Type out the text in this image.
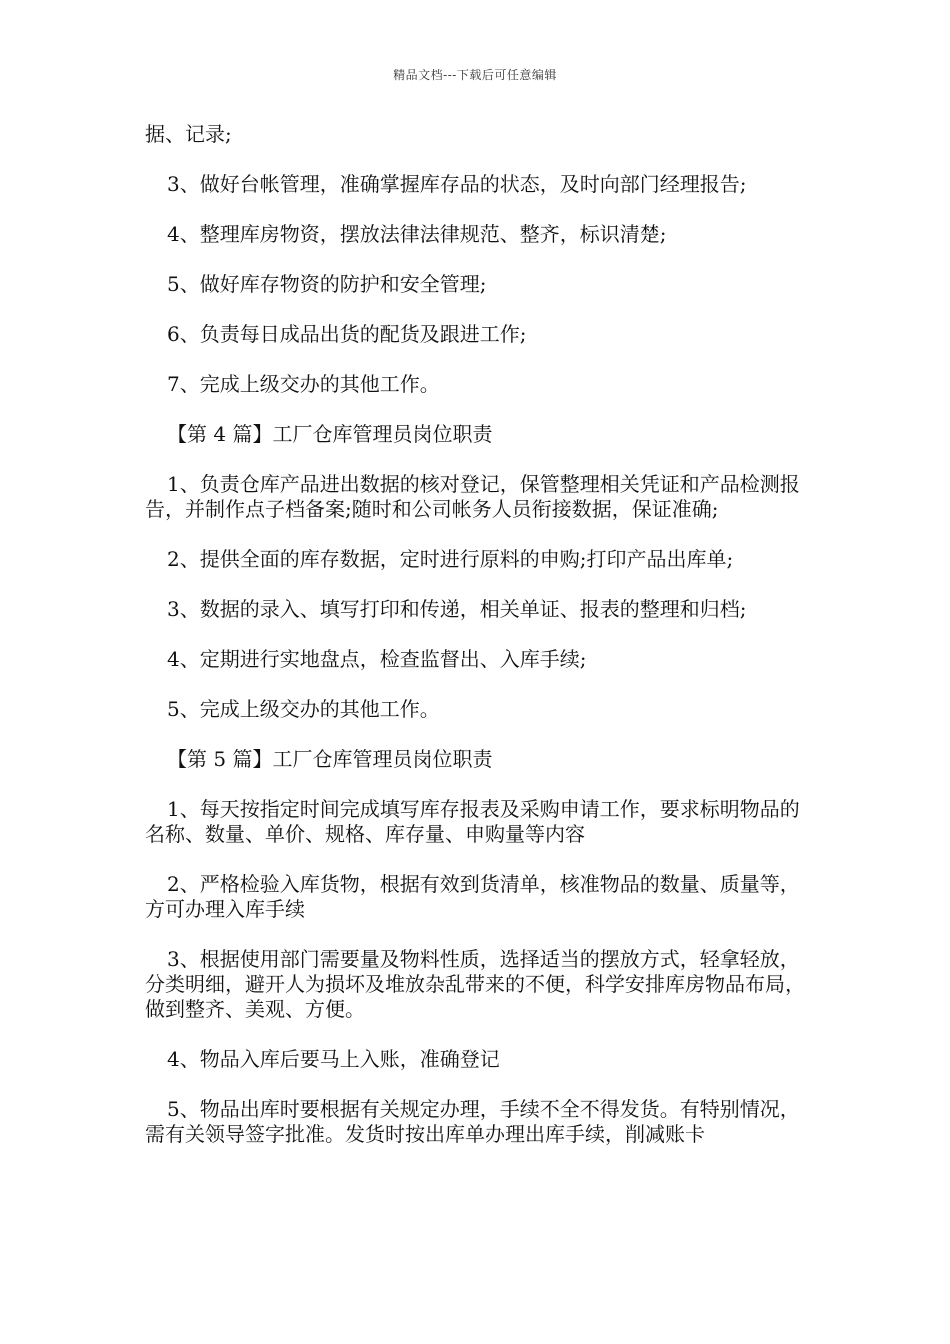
精品文档---下载后可任意编辑

据、记录;

3、做好台帐管理，准确掌握库存品的状态，及时向部门经理报告;

4、整理库房物资，摆放法律法律规范、整齐，标识清楚;

5、做好库存物资的防护和安全管理;

6、负责每日成品出货的配货及跟进工作;

7、完成上级交办的其他工作。

【第 4 篇】工厂仓库管理员岗位职责

1、负责仓库产品进出数据的核对登记，保管整理相关凭证和产品检测报告，并制作点子档备案;随时和公司帐务人员衔接数据，保证准确;

2、提供全面的库存数据，定时进行原料的申购;打印产品出库单;

3、数据的录入、填写打印和传递，相关单证、报表的整理和归档;

4、定期进行实地盘点，检查监督出、入库手续;

5、完成上级交办的其他工作。

【第 5 篇】工厂仓库管理员岗位职责

1、每天按指定时间完成填写库存报表及采购申请工作，要求标明物品的名称、数量、单价、规格、库存量、申购量等内容

2、严格检验入库货物，根据有效到货清单，核准物品的数量、质量等，方可办理入库手续

3、根据使用部门需要量及物料性质，选择适当的摆放方式，轻拿轻放，分类明细，避开人为损坏及堆放杂乱带来的不便，科学安排库房物品布局，做到整齐、美观、方便。

4、物品入库后要马上入账，准确登记

5、物品出库时要根据有关规定办理，手续不全不得发货。有特别情况，需有关领导签字批准。发货时按出库单办理出库手续，削减账卡
